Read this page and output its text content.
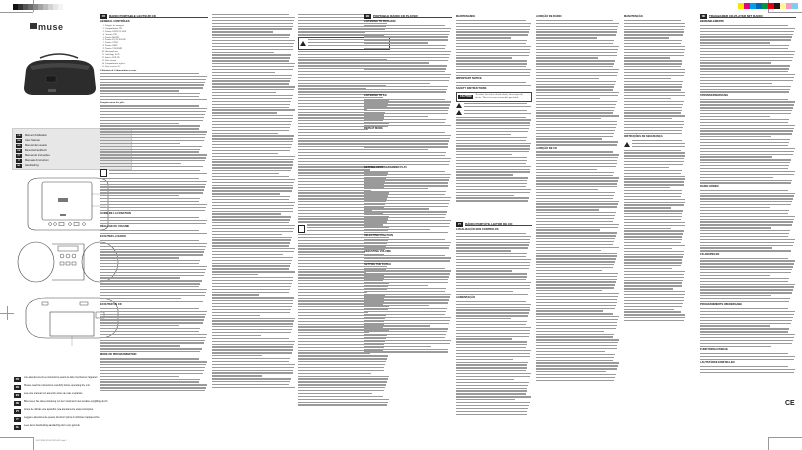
muse
FR	Manuel d'utilisation
EN	User Manual
ES	Manual del usuario
DE	Benutzerhandbuch
PT	Manual de Instruções
IT	Manuale di istruzioni
NL	Handleiding
FR
Lire attentivement les instructions avant de faire fonctionner l'appareil.
EN
Please read the instructions carefully before operating the unit.
ES
Lea este manual con atención antes de usar el aparato.
DE
Bitte lesen Sie diese Anleitung vor dem Gebrauch des Gerätes sorgfältig durch.
PT
Antes de utilizar este aparelho, leia atentamente estas instruções.
IT
Leggere attentamente queste istruzioni prima di utilizzare l'apparecchio.
NL
Lees deze handleiding aandachtig door voor gebruik.
M-22 KBR EN IM 20210607.indd 1
FR	RADIO PORTABLE LECTEUR CD
GÉNÉRAL CONTRÔLES
1. Poignée de transport
2. Compartiment CD
3. Touche OPEN/CLOSE
4. Antenne FM
5. Touche MODE
6. Touche PLAY/PAUSE
7. Touche STOP
8. Touche SKIP
9. Touche VOLUME
10. Haut-parleurs
11. Affichage LCD
12. Entrée AUX IN
13. Prise casque
14. Compartiment à piles
15. Prise secteur AC
Utilisation de l'alimentation secteur
Remplacement des piles
GUIDE DE LA FONCTION
RÉGLAGE DU VOLUME
ECOUTER LA RADIO
ECOUTER UN CD
MODE DE PROGRAMMATION
EN	PORTABLE RADIO CD PLAYER
LISTENING TO FM RADIO
LISTENING TO CD
REPEAT MODE
SETTING UP PROGRAMMED PLAY
SELECTING FUNCTION
ADJUSTING VOLUME
SETTING THE CLOCK
MAINTENANCE
IMPORTANT NOTICE
SAFETY INSTRUCTIONS
CAUTION	To reduce the risk of electric shock, do not open the device. There is no user-serviceable part inside.
PT	RÁDIO PORTÁTIL LEITOR DE CD
LOCALIZAÇÃO DOS CONTROLOS
ALIMENTAÇÃO
AUDIÇÃO DE RÁDIO
AUDIÇÃO DE CD
MANUTENÇÃO
INSTRUÇÕES DE SEGURANÇA
DE	TRAGBARER CD-PLAYER MIT RADIO
BEDIENELEMENTE
STROMVERSORGUNG
RADIO HÖREN
CD ABSPIELEN
PROGRAMMIERTE WIEDERGABE
FUNKTIONSAUSWAHL
LAUTSTÄRKE EINSTELLEN
CE
